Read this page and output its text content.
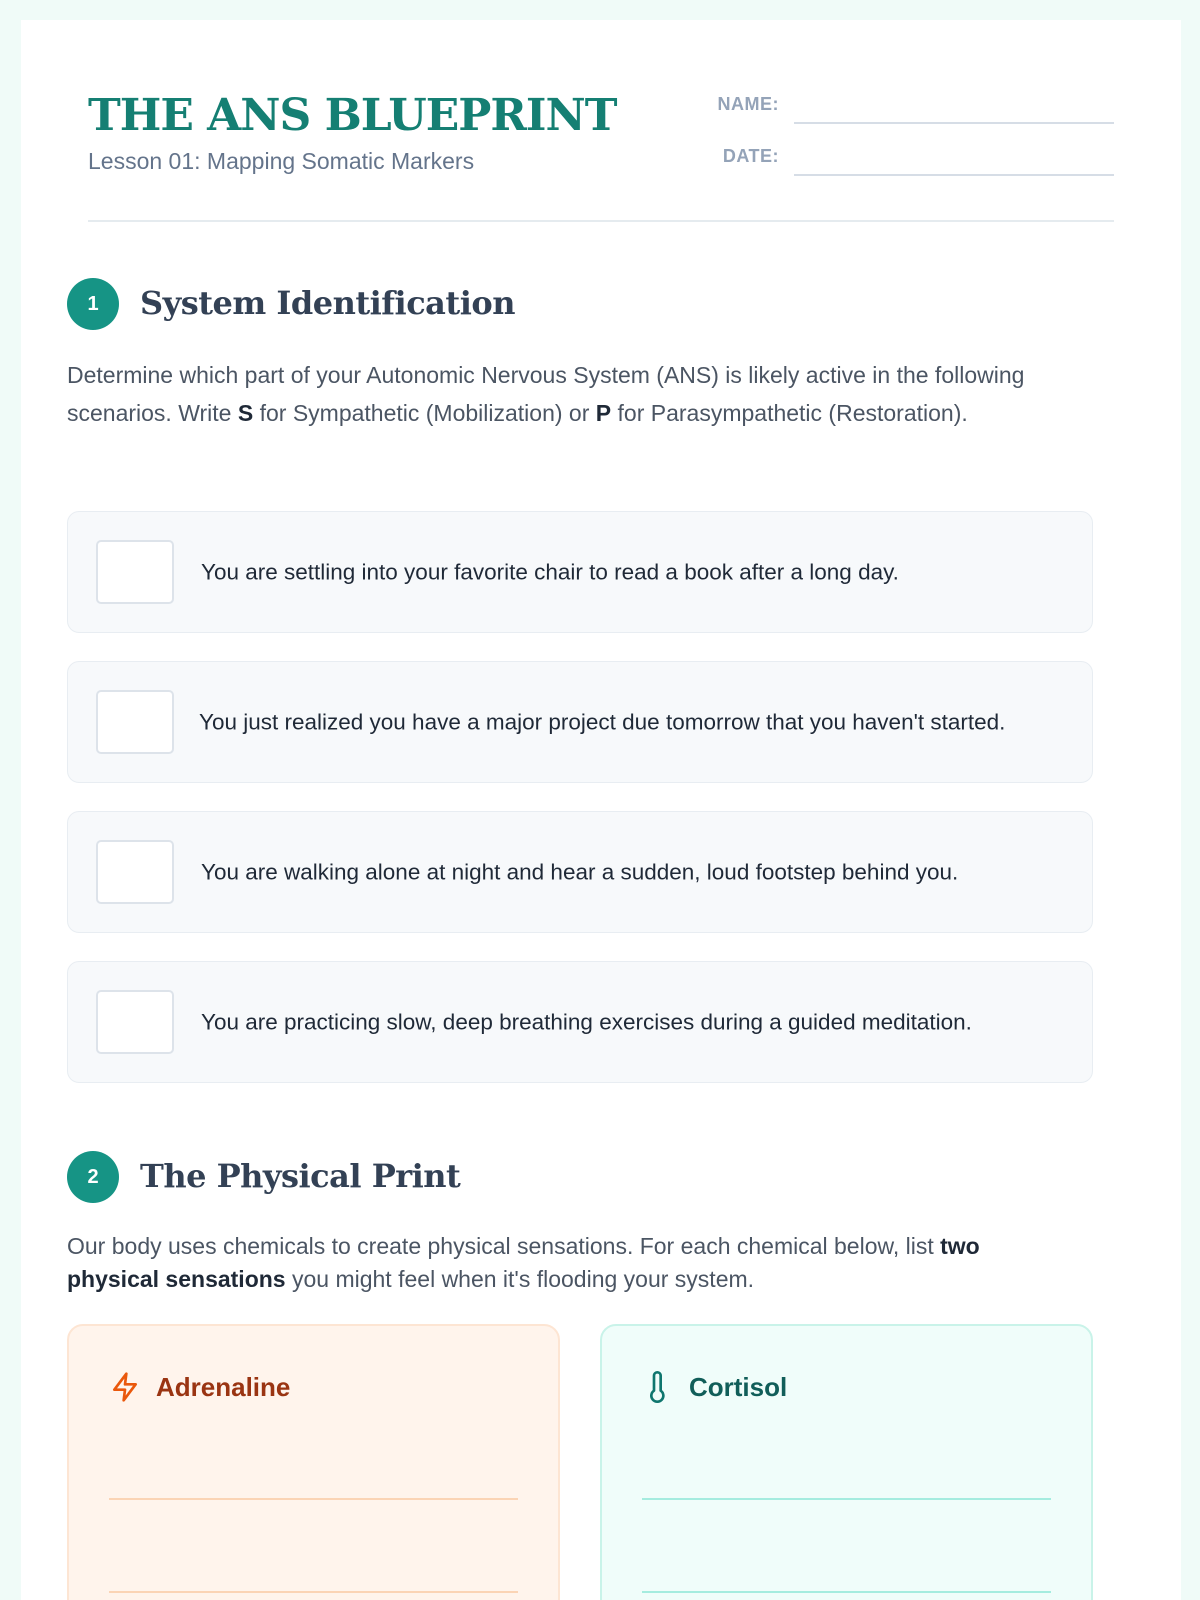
THE ANS BLUEPRINT
Lesson 01: Mapping Somatic Markers
NAME:
DATE:
1	System Identification
Determine which part of your Autonomic Nervous System (ANS) is likely active in the following scenarios. Write S for Sympathetic (Mobilization) or P for Parasympathetic (Restoration).
You are settling into your favorite chair to read a book after a long day.
You just realized you have a major project due tomorrow that you haven't started.
You are walking alone at night and hear a sudden, loud footstep behind you.
You are practicing slow, deep breathing exercises during a guided meditation.
2	The Physical Print
Our body uses chemicals to create physical sensations. For each chemical below, list two physical sensations you might feel when it's flooding your system.
Adrenaline	Cortisol
